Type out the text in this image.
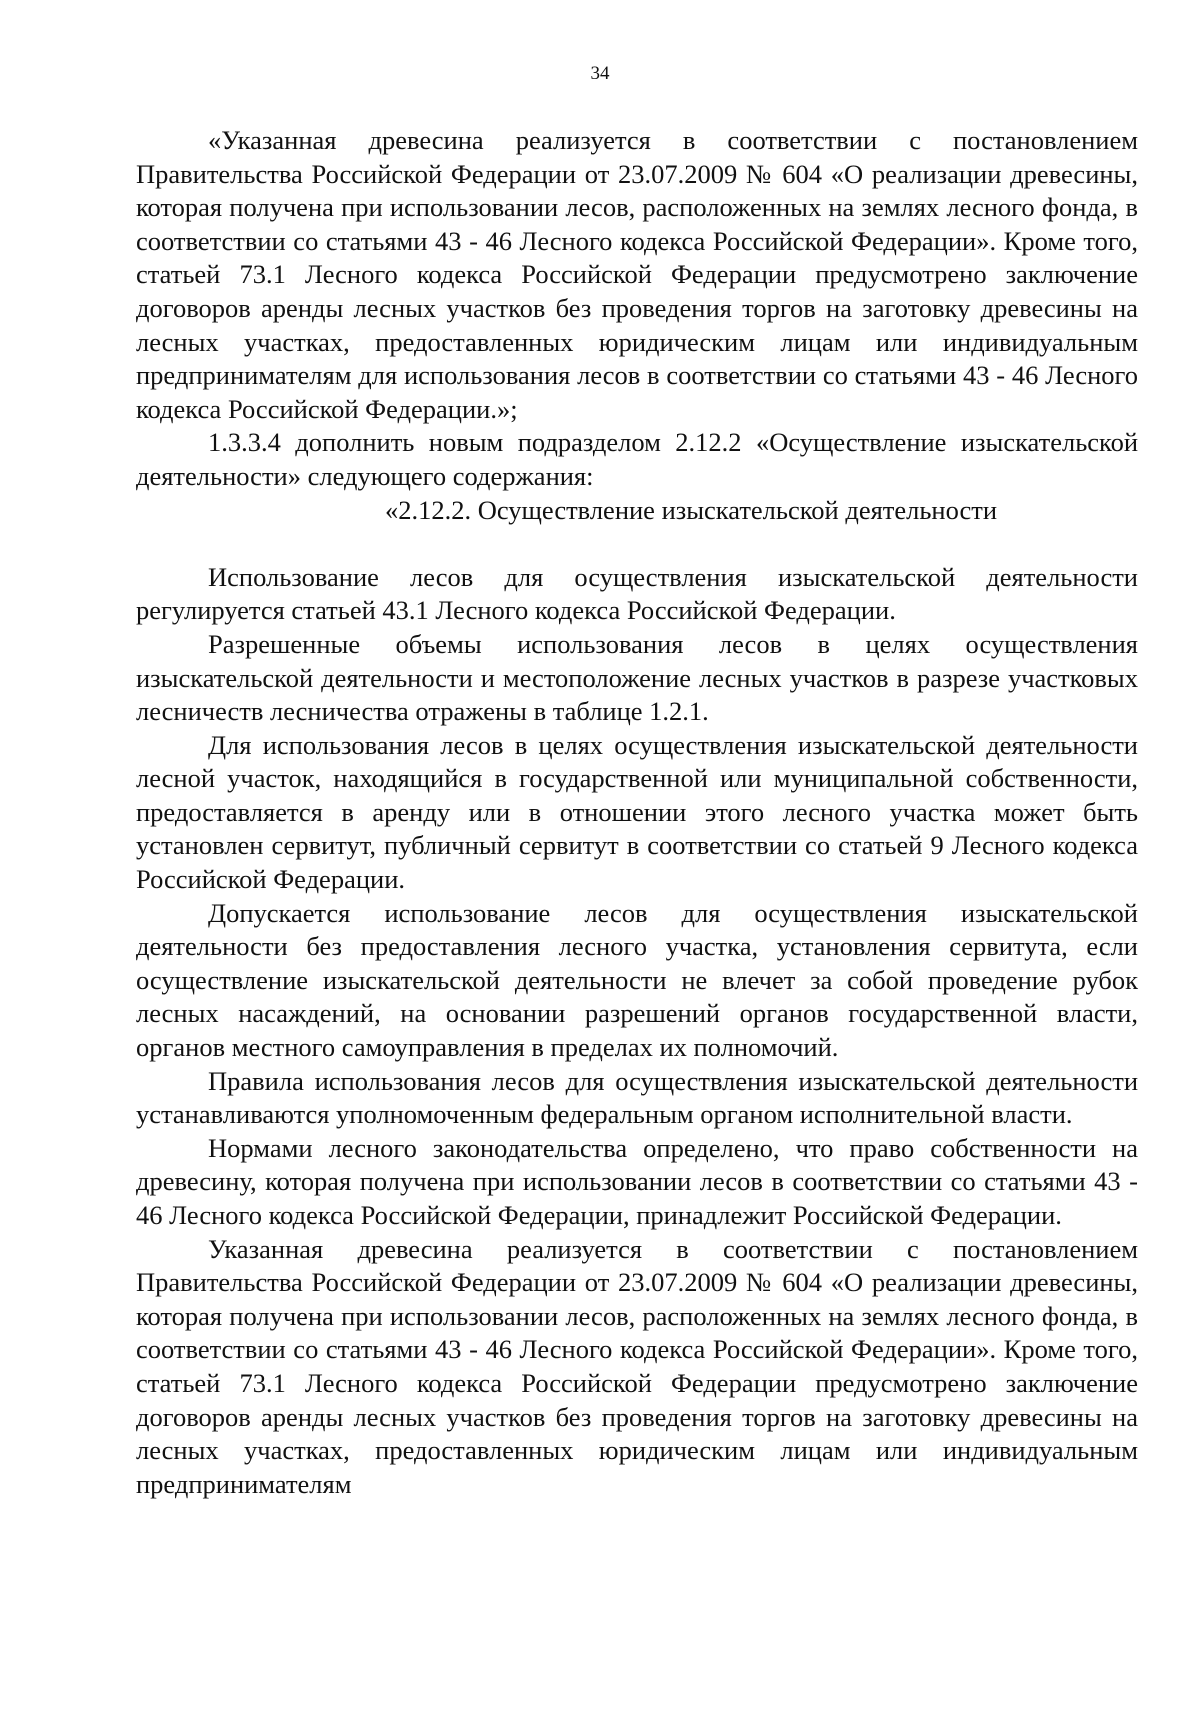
34

«Указанная древесина реализуется в соответствии с постановлением Правительства Российской Федерации от 23.07.2009 № 604 «О реализации древесины, которая получена при использовании лесов, расположенных на землях лесного фонда, в соответствии со статьями 43 - 46 Лесного кодекса Российской Федерации». Кроме того, статьей 73.1 Лесного кодекса Российской Федерации предусмотрено заключение договоров аренды лесных участков без проведения торгов на заготовку древесины на лесных участках, предоставленных юридическим лицам или индивидуальным предпринимателям для использования лесов в соответствии со статьями 43 - 46 Лесного кодекса Российской Федерации.»;

1.3.3.4 дополнить новым подразделом 2.12.2 «Осуществление изыскательской деятельности» следующего содержания:

«2.12.2. Осуществление изыскательской деятельности

Использование лесов для осуществления изыскательской деятельности регулируется статьей 43.1 Лесного кодекса Российской Федерации.

Разрешенные объемы использования лесов в целях осуществления изыскательской деятельности и местоположение лесных участков в разрезе участковых лесничеств лесничества отражены в таблице 1.2.1.

Для использования лесов в целях осуществления изыскательской деятельности лесной участок, находящийся в государственной или муниципальной собственности, предоставляется в аренду или в отношении этого лесного участка может быть установлен сервитут, публичный сервитут в соответствии со статьей 9 Лесного кодекса Российской Федерации.

Допускается использование лесов для осуществления изыскательской деятельности без предоставления лесного участка, установления сервитута, если осуществление изыскательской деятельности не влечет за собой проведение рубок лесных насаждений, на основании разрешений органов государственной власти, органов местного самоуправления в пределах их полномочий.

Правила использования лесов для осуществления изыскательской деятельности устанавливаются уполномоченным федеральным органом исполнительной власти.

Нормами лесного законодательства определено, что право собственности на древесину, которая получена при использовании лесов в соответствии со статьями 43 - 46 Лесного кодекса Российской Федерации, принадлежит Российской Федерации.

Указанная древесина реализуется в соответствии с постановлением Правительства Российской Федерации от 23.07.2009 № 604 «О реализации древесины, которая получена при использовании лесов, расположенных на землях лесного фонда, в соответствии со статьями 43 - 46 Лесного кодекса Российской Федерации». Кроме того, статьей 73.1 Лесного кодекса Российской Федерации предусмотрено заключение договоров аренды лесных участков без проведения торгов на заготовку древесины на лесных участках, предоставленных юридическим лицам или индивидуальным предпринимателям
